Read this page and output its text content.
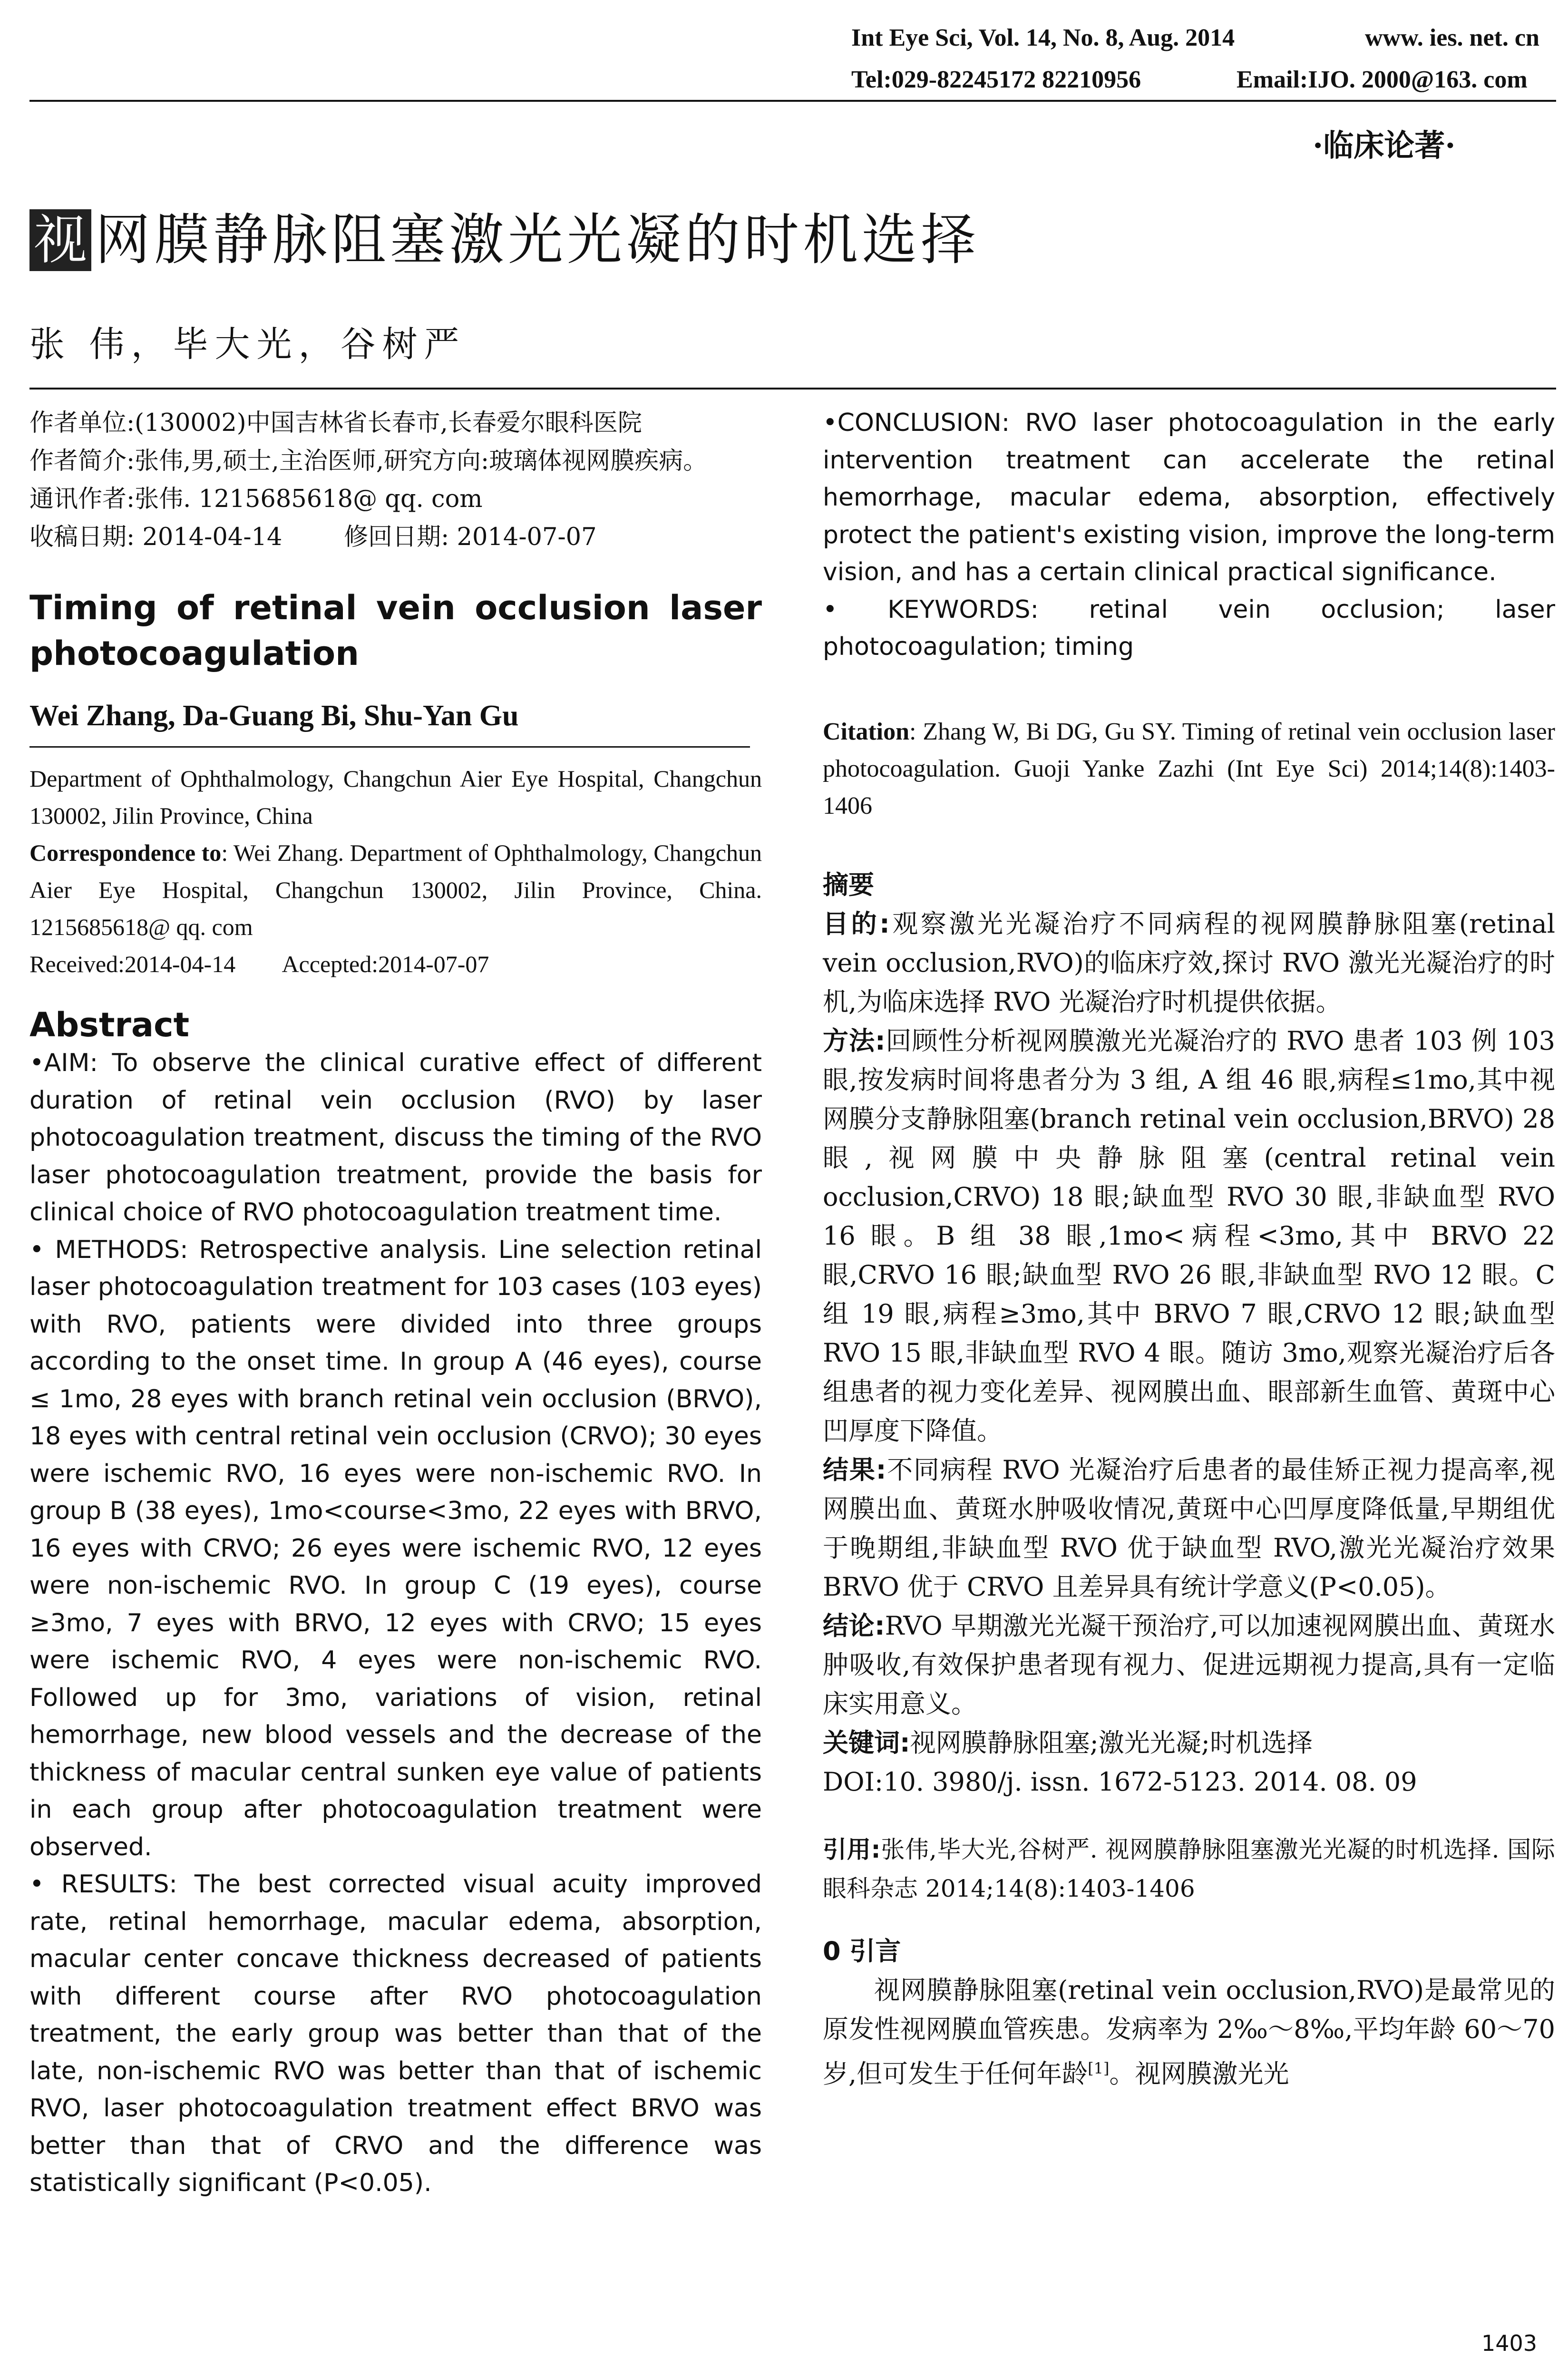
Int Eye Sci, Vol. 14, No. 8, Aug. 2014	www. ies. net. cn
Tel:029-82245172 82210956	Email:IJO. 2000@163. com
·临床论著·
视 网膜静脉阻塞激光光凝的时机选择
张 伟，毕大光，谷树严

作者单位:(130002)中国吉林省长春市,长春爱尔眼科医院

作者简介:张伟,男,硕士,主治医师,研究方向:玻璃体视网膜疾病。

通讯作者:张伟. 1215685618@ qq. com

收稿日期: 2014-04-14        修回日期: 2014-07-07

Timing of retinal vein occlusion laser photocoagulation

Wei Zhang, Da-Guang Bi, Shu-Yan Gu

Department of Ophthalmology, Changchun Aier Eye Hospital, Changchun 130002, Jilin Province, China

Correspondence to: Wei Zhang. Department of Ophthalmology, Changchun Aier Eye Hospital, Changchun 130002, Jilin Province, China. 1215685618@ qq. com

Received:2014-04-14        Accepted:2014-07-07

Abstract

•AIM: To observe the clinical curative effect of different duration of retinal vein occlusion (RVO) by laser photocoagulation treatment, discuss the timing of the RVO laser photocoagulation treatment, provide the basis for clinical choice of RVO photocoagulation treatment time.

• METHODS: Retrospective analysis. Line selection retinal laser photocoagulation treatment for 103 cases (103 eyes) with RVO, patients were divided into three groups according to the onset time. In group A (46 eyes), course ≤ 1mo, 28 eyes with branch retinal vein occlusion (BRVO), 18 eyes with central retinal vein occlusion (CRVO); 30 eyes were ischemic RVO, 16 eyes were non-ischemic RVO. In group B (38 eyes), 1mo<course<3mo, 22 eyes with BRVO, 16 eyes with CRVO; 26 eyes were ischemic RVO, 12 eyes were non-ischemic RVO. In group C (19 eyes), course ≥3mo, 7 eyes with BRVO, 12 eyes with CRVO; 15 eyes were ischemic RVO, 4 eyes were non-ischemic RVO. Followed up for 3mo, variations of vision, retinal hemorrhage, new blood vessels and the decrease of the thickness of macular central sunken eye value of patients in each group after photocoagulation treatment were observed.

• RESULTS: The best corrected visual acuity improved rate, retinal hemorrhage, macular edema, absorption, macular center concave thickness decreased of patients with different course after RVO photocoagulation treatment, the early group was better than that of the late, non-ischemic RVO was better than that of ischemic RVO, laser photocoagulation treatment effect BRVO was better than that of CRVO and the difference was statistically significant (P<0.05).

•CONCLUSION: RVO laser photocoagulation in the early intervention treatment can accelerate the retinal hemorrhage, macular edema, absorption, effectively protect the patient's existing vision, improve the long-term vision, and has a certain clinical practical significance.

• KEYWORDS: retinal vein occlusion; laser photocoagulation; timing

Citation: Zhang W, Bi DG, Gu SY. Timing of retinal vein occlusion laser photocoagulation. Guoji Yanke Zazhi (Int Eye Sci) 2014;14(8):1403-1406

摘要

目的:观察激光光凝治疗不同病程的视网膜静脉阻塞(retinal vein occlusion,RVO)的临床疗效,探讨 RVO 激光光凝治疗的时机,为临床选择 RVO 光凝治疗时机提供依据。

方法:回顾性分析视网膜激光光凝治疗的 RVO 患者 103 例 103 眼,按发病时间将患者分为 3 组, A 组 46 眼,病程≤1mo,其中视网膜分支静脉阻塞(branch retinal vein occlusion,BRVO) 28 眼,视网膜中央静脉阻塞(central retinal vein occlusion,CRVO) 18 眼;缺血型 RVO 30 眼,非缺血型 RVO 16 眼。B 组 38 眼,1mo<病程<3mo,其中 BRVO 22 眼,CRVO 16 眼;缺血型 RVO 26 眼,非缺血型 RVO 12 眼。C 组 19 眼,病程≥3mo,其中 BRVO 7 眼,CRVO 12 眼;缺血型 RVO 15 眼,非缺血型 RVO 4 眼。随访 3mo,观察光凝治疗后各组患者的视力变化差异、视网膜出血、眼部新生血管、黄斑中心凹厚度下降值。

结果:不同病程 RVO 光凝治疗后患者的最佳矫正视力提高率,视网膜出血、黄斑水肿吸收情况,黄斑中心凹厚度降低量,早期组优于晚期组,非缺血型 RVO 优于缺血型 RVO,激光光凝治疗效果 BRVO 优于 CRVO 且差异具有统计学意义(P<0.05)。

结论:RVO 早期激光光凝干预治疗,可以加速视网膜出血、黄斑水肿吸收,有效保护患者现有视力、促进远期视力提高,具有一定临床实用意义。

关键词:视网膜静脉阻塞;激光光凝;时机选择

DOI:10. 3980/j. issn. 1672-5123. 2014. 08. 09

引用:张伟,毕大光,谷树严. 视网膜静脉阻塞激光光凝的时机选择. 国际眼科杂志 2014;14(8):1403-1406

0 引言

视网膜静脉阻塞(retinal vein occlusion,RVO)是最常见的原发性视网膜血管疾患。发病率为 2‰～8‰,平均年龄 60～70 岁,但可发生于任何年龄[1]。视网膜激光光

1403
